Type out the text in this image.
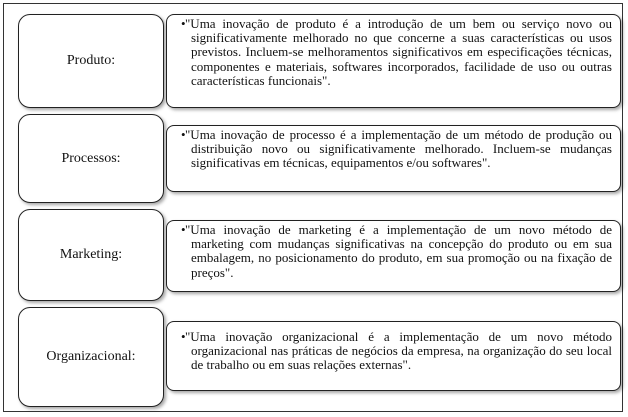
Produto:
• "Uma inovação de produto é a introdução de um bem ou serviço novo ou significativamente melhorado no que concerne a suas características ou usos previstos. Incluem-se melhoramentos significativos em especificações técnicas, componentes e materiais, softwares incorporados, facilidade de uso ou outras características funcionais".

Processos:
• "Uma inovação de processo é a implementação de um método de produção ou distribuição novo ou significativamente melhorado. Incluem-se mudanças significativas em técnicas, equipamentos e/ou softwares".

Marketing:
• "Uma inovação de marketing é a implementação de um novo método de marketing com mudanças significativas na concepção do produto ou em sua embalagem, no posicionamento do produto, em sua promoção ou na fixação de preços".

Organizacional:
• "Uma inovação organizacional é a implementação de um novo método organizacional nas práticas de negócios da empresa, na organização do seu local de trabalho ou em suas relações externas".
